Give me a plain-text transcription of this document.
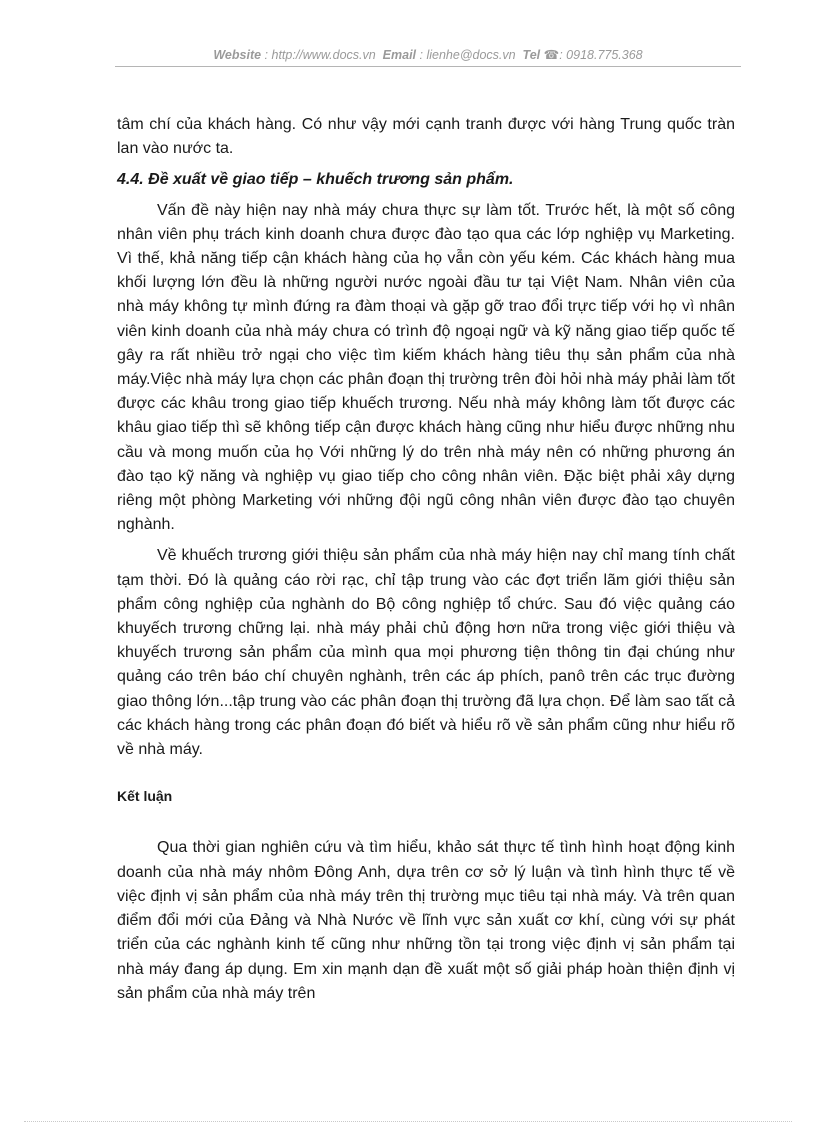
Website : http://www.docs.vn Email : lienhe@docs.vn Tel ☎: 0918.775.368

tâm chí của khách hàng. Có như vậy mới cạnh tranh được với hàng Trung quốc tràn lan vào nước ta.

4.4. Đề xuất về giao tiếp – khuếch trương sản phẩm.

Vấn đề này hiện nay nhà máy chưa thực sự làm tốt. Trước hết, là một số công nhân viên phụ trách kinh doanh chưa được đào tạo qua các lớp nghiệp vụ Marketing. Vì thế, khả năng tiếp cận khách hàng của họ vẫn còn yếu kém. Các khách hàng mua khối lượng lớn đều là những người nước ngoài đầu tư tại Việt Nam. Nhân viên của nhà máy không tự mình đứng ra đàm thoại và gặp gỡ trao đổi trực tiếp với họ vì nhân viên kinh doanh của nhà máy chưa có trình độ ngoại ngữ và kỹ năng giao tiếp quốc tế gây ra rất nhiều trở ngại cho việc tìm kiếm khách hàng tiêu thụ sản phẩm của nhà máy.Việc nhà máy lựa chọn các phân đoạn thị trường trên đòi hỏi nhà máy phải làm tốt được các khâu trong giao tiếp khuếch trương. Nếu nhà máy không làm tốt được các khâu giao tiếp thì sẽ không tiếp cận được khách hàng cũng như hiểu được những nhu cầu và mong muốn của họ Với những lý do trên nhà máy nên có những phương án đào tạo kỹ năng và nghiệp vụ giao tiếp cho công nhân viên. Đặc biệt phải xây dựng riêng một phòng Marketing với những đội ngũ công nhân viên được đào tạo chuyên nghành.

Về khuếch trương giới thiệu sản phẩm của nhà máy hiện nay chỉ mang tính chất tạm thời. Đó là quảng cáo rời rạc, chỉ tập trung vào các đợt triển lãm giới thiệu sản phẩm công nghiệp của nghành do Bộ công nghiệp tổ chức. Sau đó việc quảng cáo khuyếch trương chững lại. nhà máy phải chủ động hơn nữa trong việc giới thiệu và khuyếch trương sản phẩm của mình qua mọi phương tiện thông tin đại chúng như quảng cáo trên báo chí chuyên nghành, trên các áp phích, panô trên các trục đường giao thông lớn...tập trung vào các phân đoạn thị trường đã lựa chọn. Để làm sao tất cả các khách hàng trong các phân đoạn đó biết và hiểu rõ về sản phẩm cũng như hiểu rõ về nhà máy.

Kết luận

Qua thời gian nghiên cứu và tìm hiểu, khảo sát thực tế tình hình hoạt động kinh doanh của nhà máy nhôm Đông Anh, dựa trên cơ sở lý luận và tình hình thực tế về việc định vị sản phẩm của nhà máy trên thị trường mục tiêu tại nhà máy. Và trên quan điểm đổi mới của Đảng và Nhà Nước về lĩnh vực sản xuất cơ khí, cùng với sự phát triển của các nghành kinh tế cũng như những tồn tại trong việc định vị sản phẩm tại nhà máy đang áp dụng. Em xin mạnh dạn đề xuất một số giải pháp hoàn thiện định vị sản phẩm của nhà máy trên
